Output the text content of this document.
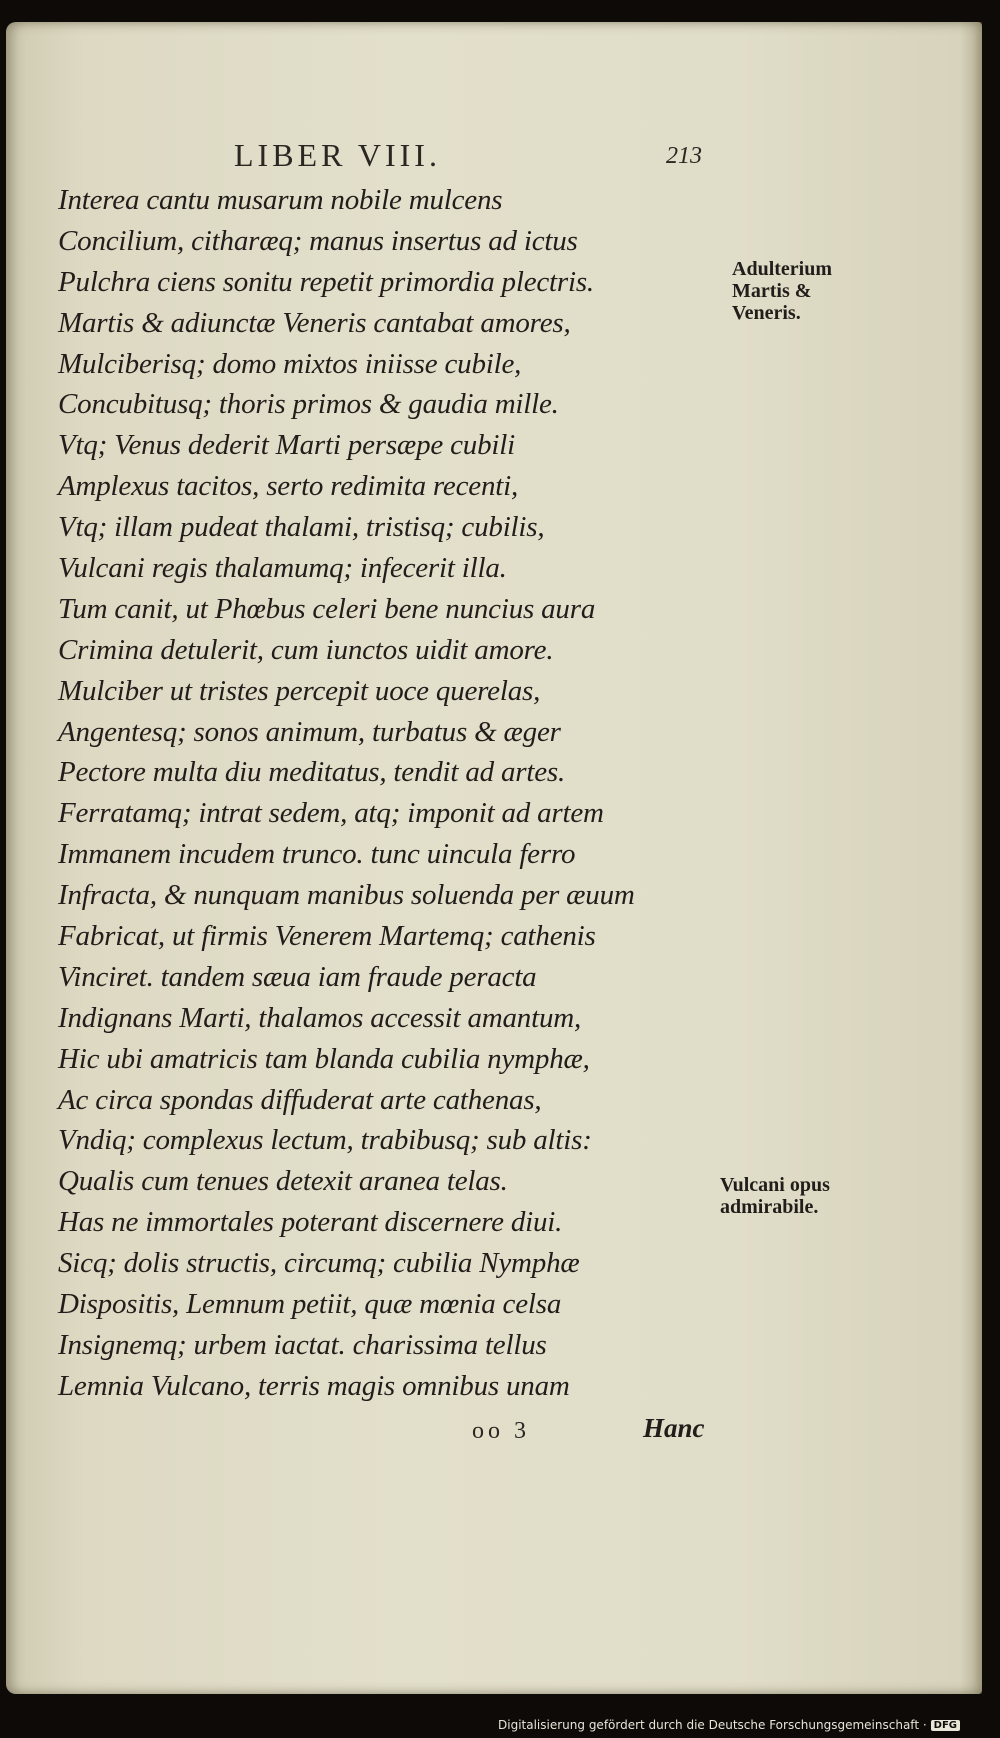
LIBER VIII.	213
Interea cantu musarum nobile mulcens
Concilium, citharæq; manus insertus ad ictus
Pulchra ciens sonitu repetit primordia plectris.
Martis & adiunctæ Veneris cantabat amores,
Mulciberisq; domo mixtos iniisse cubile,
Concubitusq; thoris primos & gaudia mille.
Vtq; Venus dederit Marti persæpe cubili
Amplexus tacitos, serto redimita recenti,
Vtq; illam pudeat thalami, tristisq; cubilis,
Vulcani regis thalamumq; infecerit illa.
Tum canit, ut Phœbus celeri bene nuncius aura
Crimina detulerit, cum iunctos uidit amore.
Mulciber ut tristes percepit uoce querelas,
Angentesq; sonos animum, turbatus & æger
Pectore multa diu meditatus, tendit ad artes.
Ferratamq; intrat sedem, atq; imponit ad artem
Immanem incudem trunco. tunc uincula ferro
Infracta, & nunquam manibus soluenda per æuum
Fabricat, ut firmis Venerem Martemq; cathenis
Vinciret. tandem sæua iam fraude peracta
Indignans Marti, thalamos accessit amantum,
Hic ubi amatricis tam blanda cubilia nymphæ,
Ac circa spondas diffuderat arte cathenas,
Vndiq; complexus lectum, trabibusq; sub altis:
Qualis cum tenues detexit aranea telas.
Has ne immortales poterant discernere diui.
Sicq; dolis structis, circumq; cubilia Nymphæ
Dispositis, Lemnum petiit, quæ mœnia celsa
Insignemq; urbem iactat. charissima tellus
Lemnia Vulcano, terris magis omnibus unam
Adulterium
Martis &
Veneris.
Vulcani opus
admirabile.
oo 3	Hanc
Digitalisierung gefördert durch die Deutsche Forschungsgemeinschaft · DFG
